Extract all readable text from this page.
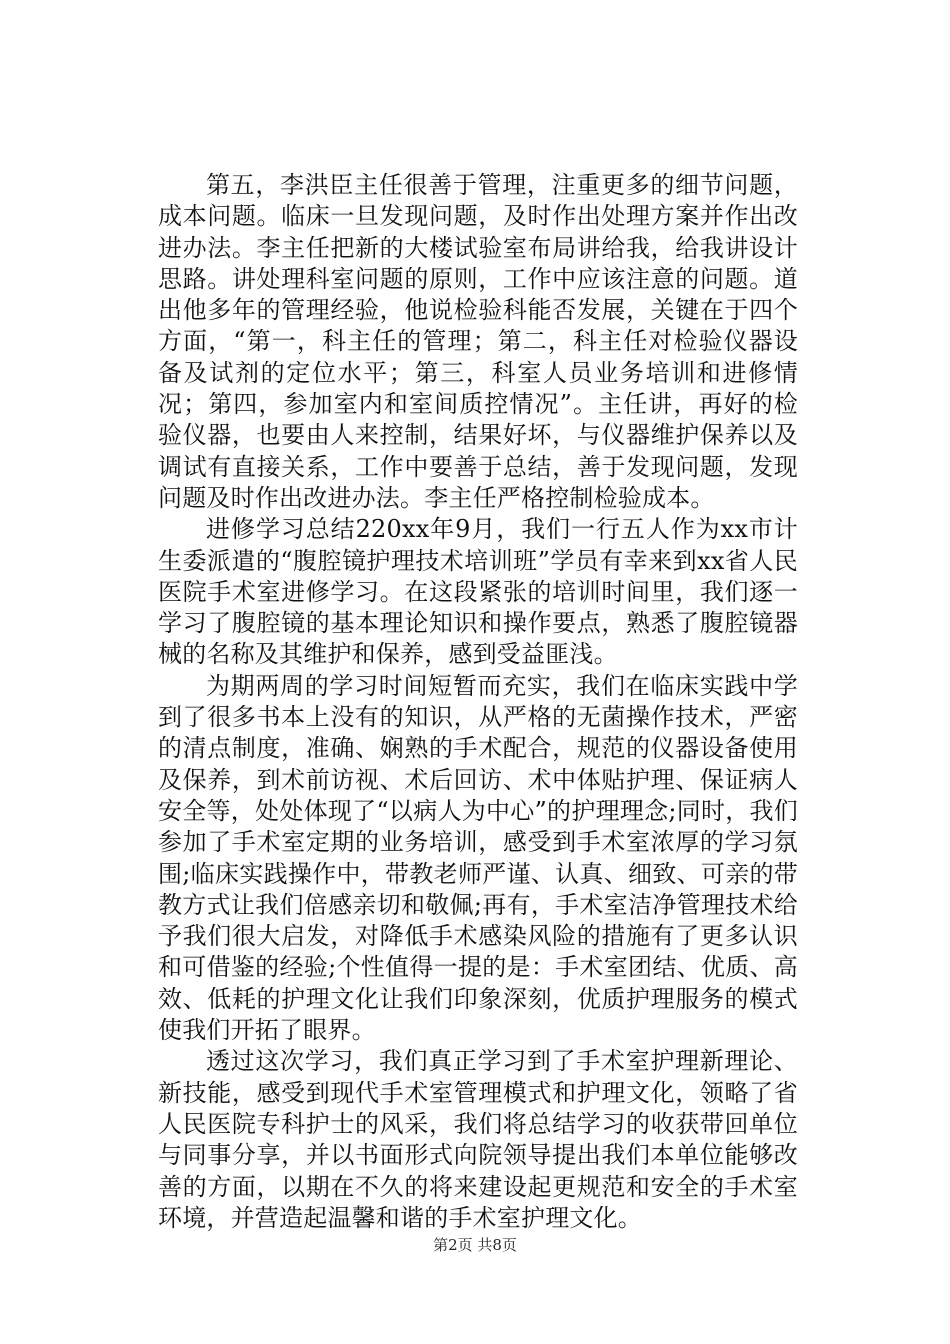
第五，李洪臣主任很善于管理，注重更多的细节问题，成本问题。临床一旦发现问题，及时作出处理方案并作出改进办法。李主任把新的大楼试验室布局讲给我，给我讲设计思路。讲处理科室问题的原则，工作中应该注意的问题。道出他多年的管理经验，他说检验科能否发展，关键在于四个方面，“第一，科主任的管理；第二，科主任对检验仪器设备及试剂的定位水平；第三，科室人员业务培训和进修情况；第四，参加室内和室间质控情况”。主任讲，再好的检验仪器，也要由人来控制，结果好坏，与仪器维护保养以及调试有直接关系，工作中要善于总结，善于发现问题，发现问题及时作出改进办法。李主任严格控制检验成本。

进修学习总结220xx年9月，我们一行五人作为xx市计生委派遣的“腹腔镜护理技术培训班”学员有幸来到xx省人民医院手术室进修学习。在这段紧张的培训时间里，我们逐一学习了腹腔镜的基本理论知识和操作要点，熟悉了腹腔镜器械的名称及其维护和保养，感到受益匪浅。

为期两周的学习时间短暂而充实，我们在临床实践中学到了很多书本上没有的知识，从严格的无菌操作技术，严密的清点制度，准确、娴熟的手术配合，规范的仪器设备使用及保养，到术前访视、术后回访、术中体贴护理、保证病人安全等，处处体现了“以病人为中心”的护理理念;同时，我们参加了手术室定期的业务培训，感受到手术室浓厚的学习氛围;临床实践操作中，带教老师严谨、认真、细致、可亲的带教方式让我们倍感亲切和敬佩;再有，手术室洁净管理技术给予我们很大启发，对降低手术感染风险的措施有了更多认识和可借鉴的经验;个性值得一提的是：手术室团结、优质、高效、低耗的护理文化让我们印象深刻，优质护理服务的模式使我们开拓了眼界。

透过这次学习，我们真正学习到了手术室护理新理论、新技能，感受到现代手术室管理模式和护理文化，领略了省人民医院专科护士的风采，我们将总结学习的收获带回单位与同事分享，并以书面形式向院领导提出我们本单位能够改善的方面，以期在不久的将来建设起更规范和安全的手术室环境，并营造起温馨和谐的手术室护理文化。

第2页 共8页
